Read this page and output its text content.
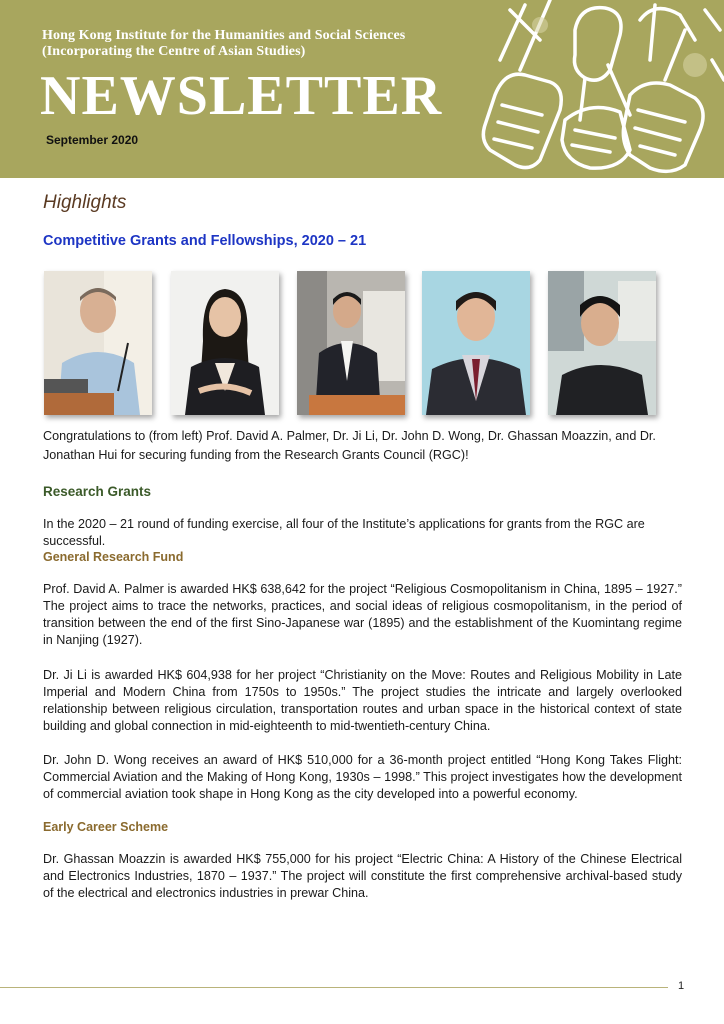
Hong Kong Institute for the Humanities and Social Sciences
(Incorporating the Centre of Asian Studies)
NEWSLETTER
September 2020
Highlights
Competitive Grants and Fellowships, 2020 – 21
Congratulations to (from left) Prof. David A. Palmer, Dr. Ji Li, Dr. John D. Wong, Dr. Ghassan Moazzin, and Dr. Jonathan Hui for securing funding from the Research Grants Council (RGC)!
Research Grants
In the 2020 – 21 round of funding exercise, all four of the Institute’s applications for grants from the RGC are successful.
General Research Fund
Prof. David A. Palmer is awarded HK$ 638,642 for the project “Religious Cosmopolitanism in China, 1895 – 1927.” The project aims to trace the networks, practices, and social ideas of religious cosmopolitanism, in the period of transition between the end of the first Sino-Japanese war (1895) and the establishment of the Kuomintang regime in Nanjing (1927).
Dr. Ji Li is awarded HK$ 604,938 for her project “Christianity on the Move: Routes and Religious Mobility in Late Imperial and Modern China from 1750s to 1950s.” The project studies the intricate and largely overlooked relationship between religious circulation, transportation routes and urban space in the historical context of state building and global connection in mid-eighteenth to mid-twentieth-century China.
Dr. John D. Wong receives an award of HK$ 510,000 for a 36-month project entitled “Hong Kong Takes Flight: Commercial Aviation and the Making of Hong Kong, 1930s – 1998.” This project investigates how the development of commercial aviation took shape in Hong Kong as the city developed into a powerful economy.
Early Career Scheme
Dr. Ghassan Moazzin is awarded HK$ 755,000 for his project “Electric China: A History of the Chinese Electrical and Electronics Industries, 1870 – 1937.” The project will constitute the first comprehensive archival-based study of the electrical and electronics industries in prewar China.
1
